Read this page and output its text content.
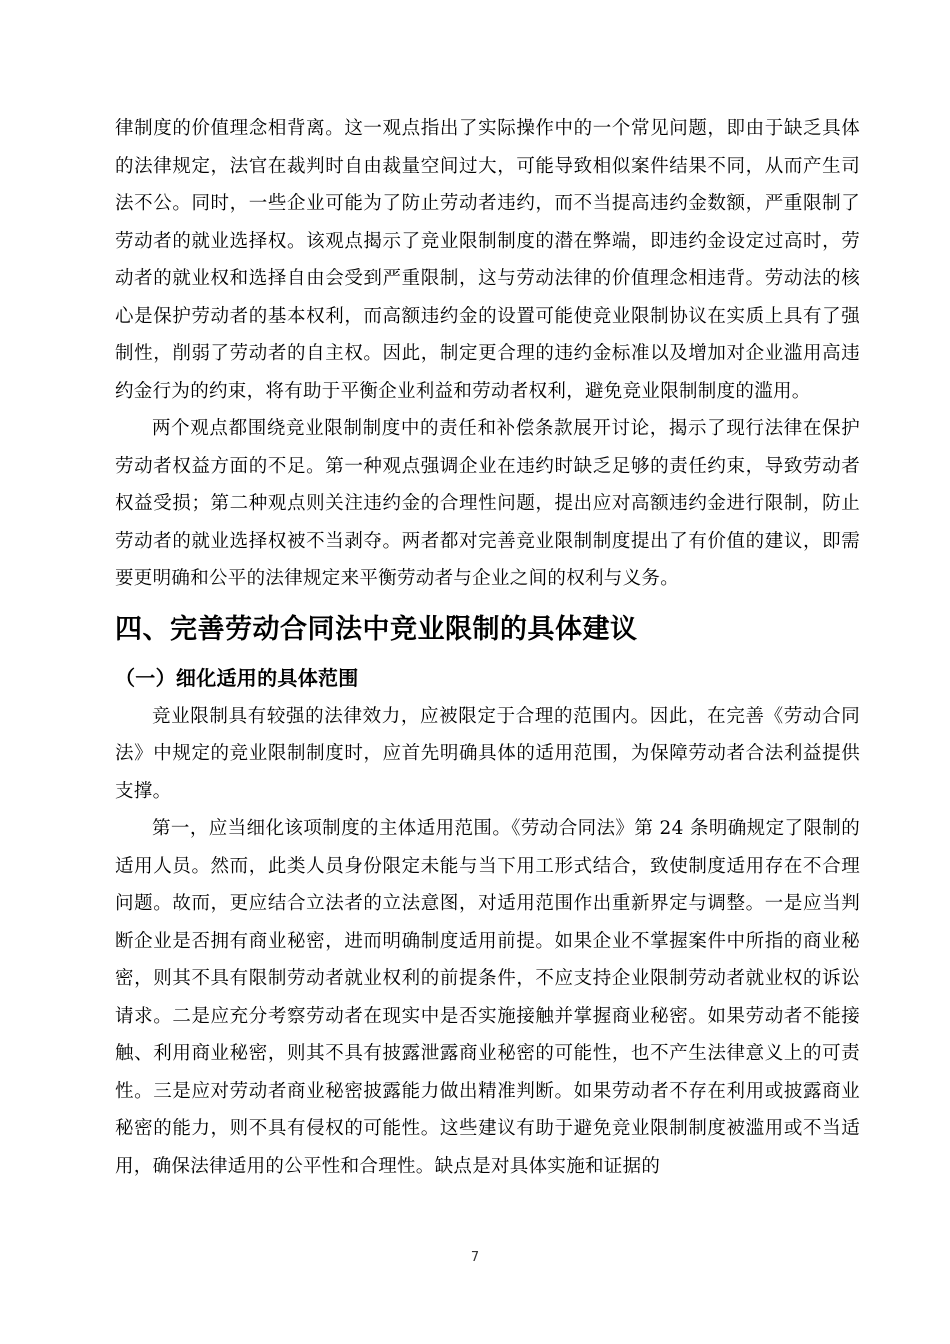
律制度的价值理念相背离。这一观点指出了实际操作中的一个常见问题，即由于缺乏具体的法律规定，法官在裁判时自由裁量空间过大，可能导致相似案件结果不同，从而产生司法不公。同时，一些企业可能为了防止劳动者违约，而不当提高违约金数额，严重限制了劳动者的就业选择权。该观点揭示了竞业限制制度的潜在弊端，即违约金设定过高时，劳动者的就业权和选择自由会受到严重限制，这与劳动法律的价值理念相违背。劳动法的核心是保护劳动者的基本权利，而高额违约金的设置可能使竞业限制协议在实质上具有了强制性，削弱了劳动者的自主权。因此，制定更合理的违约金标准以及增加对企业滥用高违约金行为的约束，将有助于平衡企业利益和劳动者权利，避免竞业限制制度的滥用。

两个观点都围绕竞业限制制度中的责任和补偿条款展开讨论，揭示了现行法律在保护劳动者权益方面的不足。第一种观点强调企业在违约时缺乏足够的责任约束，导致劳动者权益受损；第二种观点则关注违约金的合理性问题，提出应对高额违约金进行限制，防止劳动者的就业选择权被不当剥夺。两者都对完善竞业限制制度提出了有价值的建议，即需要更明确和公平的法律规定来平衡劳动者与企业之间的权利与义务。

四、完善劳动合同法中竞业限制的具体建议
（一）细化适用的具体范围

竞业限制具有较强的法律效力，应被限定于合理的范围内。因此，在完善《劳动合同法》中规定的竞业限制制度时，应首先明确具体的适用范围，为保障劳动者合法利益提供支撑。

第一，应当细化该项制度的主体适用范围。《劳动合同法》第 24 条明确规定了限制的适用人员。然而，此类人员身份限定未能与当下用工形式结合，致使制度适用存在不合理问题。故而，更应结合立法者的立法意图，对适用范围作出重新界定与调整。一是应当判断企业是否拥有商业秘密，进而明确制度适用前提。如果企业不掌握案件中所指的商业秘密，则其不具有限制劳动者就业权利的前提条件，不应支持企业限制劳动者就业权的诉讼请求。二是应充分考察劳动者在现实中是否实施接触并掌握商业秘密。如果劳动者不能接触、利用商业秘密，则其不具有披露泄露商业秘密的可能性，也不产生法律意义上的可责性。三是应对劳动者商业秘密披露能力做出精准判断。如果劳动者不存在利用或披露商业秘密的能力，则不具有侵权的可能性。这些建议有助于避免竞业限制制度被滥用或不当适用，确保法律适用的公平性和合理性。缺点是对具体实施和证据的

7
